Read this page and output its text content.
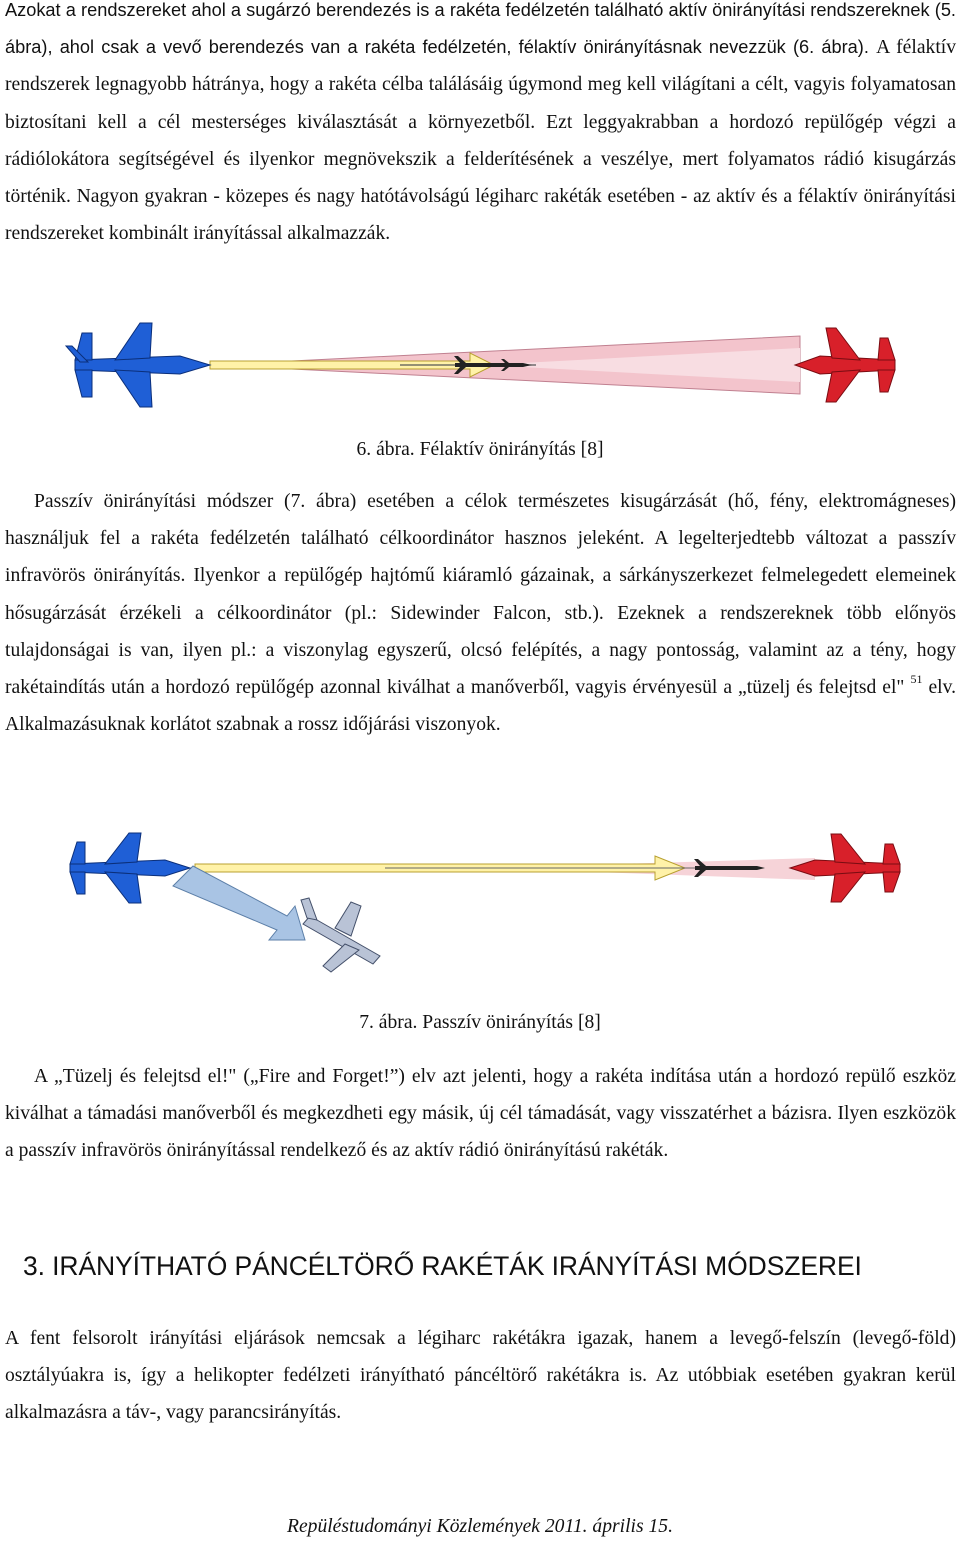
Azokat a rendszereket ahol a sugárzó berendezés is a rakéta fedélzetén található aktív önirányítási rendszereknek (5. ábra), ahol csak a vevő berendezés van a rakéta fedélzetén, félaktív önirányításnak nevezzük (6. ábra). A félaktív rendszerek legnagyobb hátránya, hogy a rakéta célba találásáig úgymond meg kell világítani a célt, vagyis folyamatosan biztosítani kell a cél mesterséges kiválasztását a környezetből. Ezt leggyakrabban a hordozó repülőgép végzi a rádiólokátora segítségével és ilyenkor megnövekszik a felderítésének a veszélye, mert folyamatos rádió kisugárzás történik. Nagyon gyakran - közepes és nagy hatótávolságú légiharc rakéták esetében - az aktív és a félaktív önirányítási rendszereket kombinált irányítással alkalmazzák.

6. ábra. Félaktív önirányítás [8]

Passzív önirányítási módszer (7. ábra) esetében a célok természetes kisugárzását (hő, fény, elektromágneses) használjuk fel a rakéta fedélzetén található célkoordinátor hasznos jeleként. A legelterjedtebb változat a passzív infravörös önirányítás. Ilyenkor a repülőgép hajtómű kiáramló gázainak, a sárkányszerkezet felmelegedett elemeinek hősugárzását érzékeli a célkoordinátor (pl.: Sidewinder Falcon, stb.). Ezeknek a rendszereknek több előnyös tulajdonságai is van, ilyen pl.: a viszonylag egyszerű, olcsó felépítés, a nagy pontosság, valamint az a tény, hogy rakétaindítás után a hordozó repülőgép azonnal kiválhat a manőverből, vagyis érvényesül a „tüzelj és felejtsd el" $^{51}$ elv. Alkalmazásuknak korlátot szabnak a rossz időjárási viszonyok.

7. ábra. Passzív önirányítás [8]

A „Tüzelj és felejtsd el!" („Fire and Forget!”) elv azt jelenti, hogy a rakéta indítása után a hordozó repülő eszköz kiválhat a támadási manőverből és megkezdheti egy másik, új cél támadását, vagy visszatérhet a bázisra. Ilyen eszközök a passzív infravörös önirányítással rendelkező és az aktív rádió önirányítású rakéták.

3. IRÁNYÍTHATÓ PÁNCÉLTÖRŐ RAKÉTÁK IRÁNYÍTÁSI MÓDSZEREI

A fent felsorolt irányítási eljárások nemcsak a légiharc rakétákra igazak, hanem a levegő-felszín (levegő-föld) osztályúakra is, így a helikopter fedélzeti irányítható páncéltörő rakétákra is. Az utóbbiak esetében gyakran kerül alkalmazásra a táv-, vagy parancsirányítás.

Repüléstudományi Közlemények 2011. április 15.
